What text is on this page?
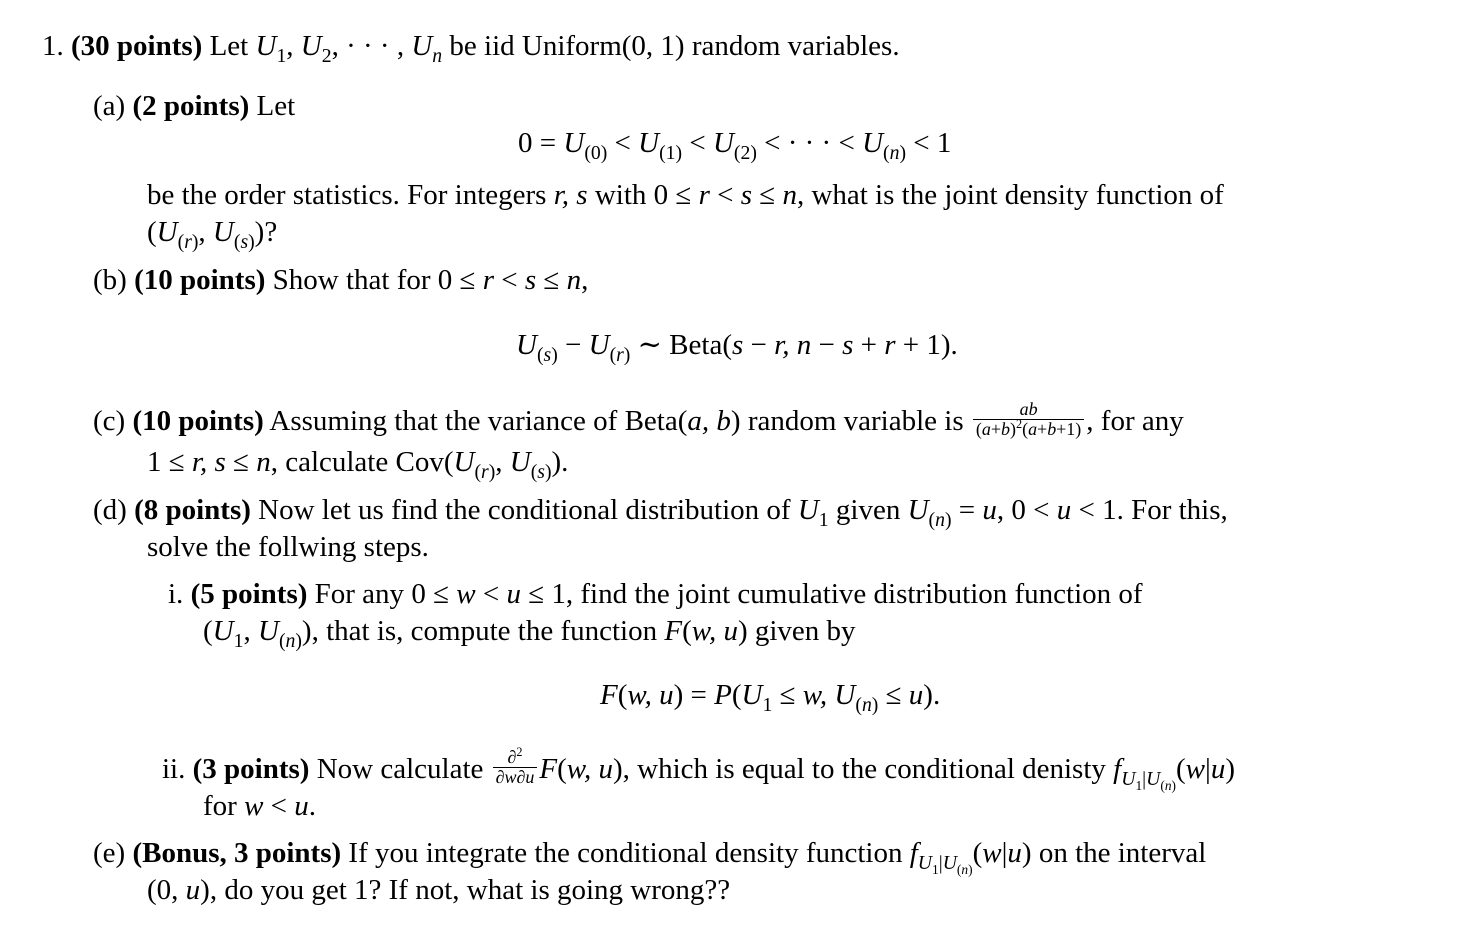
1. (30 points) Let $U_1$, $U_2$, · · · , $U_n$ be iid Uniform(0, 1) random variables.
(a) (2 points) Let
$0 = U_{(0)} < U_{(1)} < U_{(2)}$ < · · · < $U_{(n)} < 1$
be the order statistics. For integers r, s with 0 ≤ r < s ≤ n, what is the joint density function of
($U_{(r)}$, $U_{(s)}$)?
(b) (10 points) Show that for 0 ≤ r < s ≤ n,
$U_{(s)} - U_{(r)}$ ∼ Beta(s − r, n − s + r + 1).
(c) (10 points) Assuming that the variance of Beta(a, b) random variable is $\frac{ab}{(a+b)^2(a+b+1)}$ , for any
1 ≤ r, s ≤ n, calculate $Cov(U_{(r)}$, $U_{(s)}$).
(d) (8 points) Now let us find the conditional distribution of $U_1$ given $U_{(n)} = u$, 0 < u < 1. For this,
solve the follwing steps.
i. (5 points) For any 0 ≤ w < u ≤ 1, find the joint cumulative distribution function of
($U_1$, $U_{(n)}$), that is, compute the function F(w, u) given by
F(w, $u) = P(U_1 \le w$, $U_{(n)} \le u$).
ii. (3 points) Now calculate $\frac{\partial^2}{\partial w\partial u} F(w$, u), which is equal to the conditional denisty $f_{U_1|U_{(n)}}(w|u)$
for w < u.
(e) (Bonus, 3 points) If you integrate the conditional density function $f_{U_1|U_{(n)}}(w|u)$ on the interval
(0, u), do you get 1? If not, what is going wrong??
